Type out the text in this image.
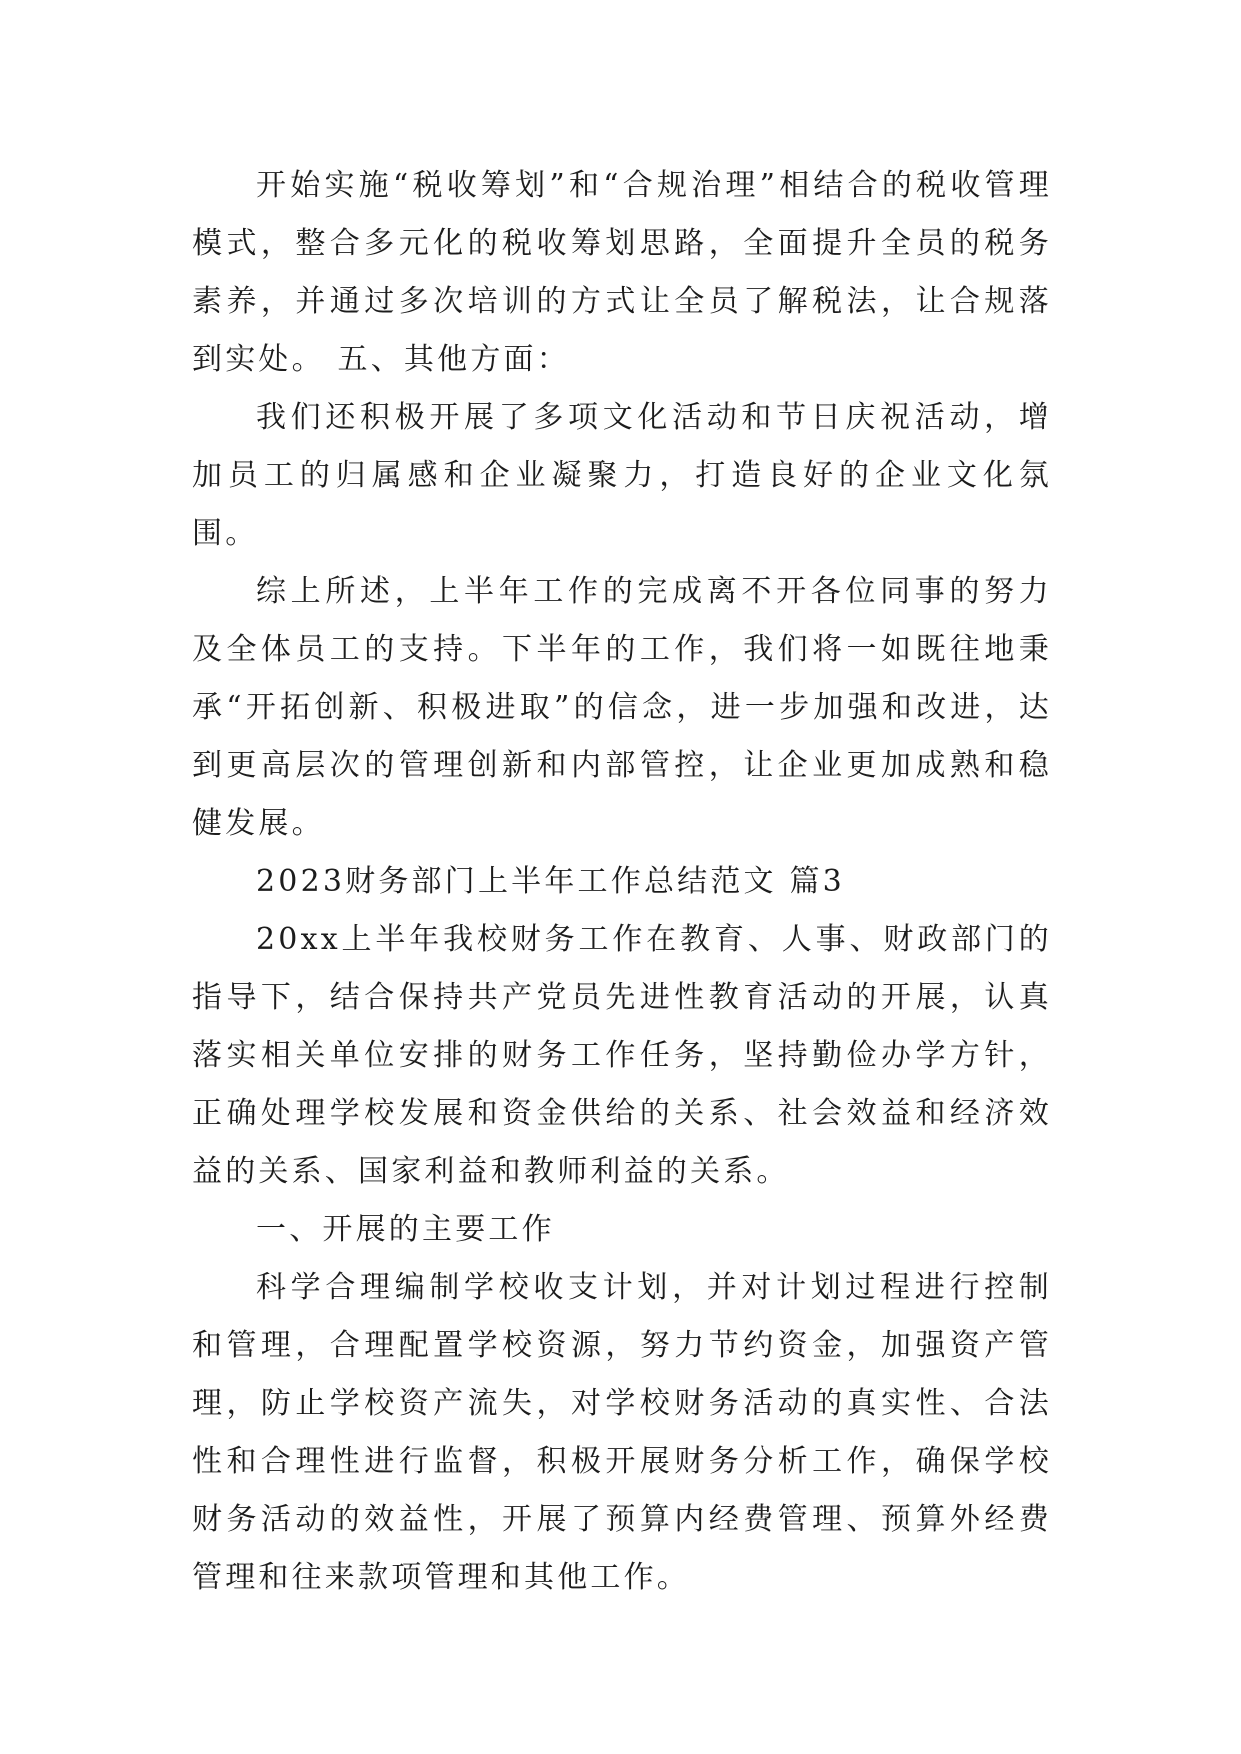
开始实施“税收筹划”和“合规治理”相结合的税收管理模式，整合多元化的税收筹划思路，全面提升全员的税务素养，并通过多次培训的方式让全员了解税法，让合规落到实处。 五、其他方面：

我们还积极开展了多项文化活动和节日庆祝活动，增加员工的归属感和企业凝聚力，打造良好的企业文化氛围。

综上所述，上半年工作的完成离不开各位同事的努力及全体员工的支持。下半年的工作，我们将一如既往地秉承“开拓创新、积极进取”的信念，进一步加强和改进，达到更高层次的管理创新和内部管控，让企业更加成熟和稳健发展。

2023财务部门上半年工作总结范文 篇3

20xx上半年我校财务工作在教育、人事、财政部门的指导下，结合保持共产党员先进性教育活动的开展，认真落实相关单位安排的财务工作任务，坚持勤俭办学方针，正确处理学校发展和资金供给的关系、社会效益和经济效益的关系、国家利益和教师利益的关系。

一、开展的主要工作

科学合理编制学校收支计划，并对计划过程进行控制和管理，合理配置学校资源，努力节约资金，加强资产管理，防止学校资产流失，对学校财务活动的真实性、合法性和合理性进行监督，积极开展财务分析工作，确保学校财务活动的效益性，开展了预算内经费管理、预算外经费管理和往来款项管理和其他工作。
